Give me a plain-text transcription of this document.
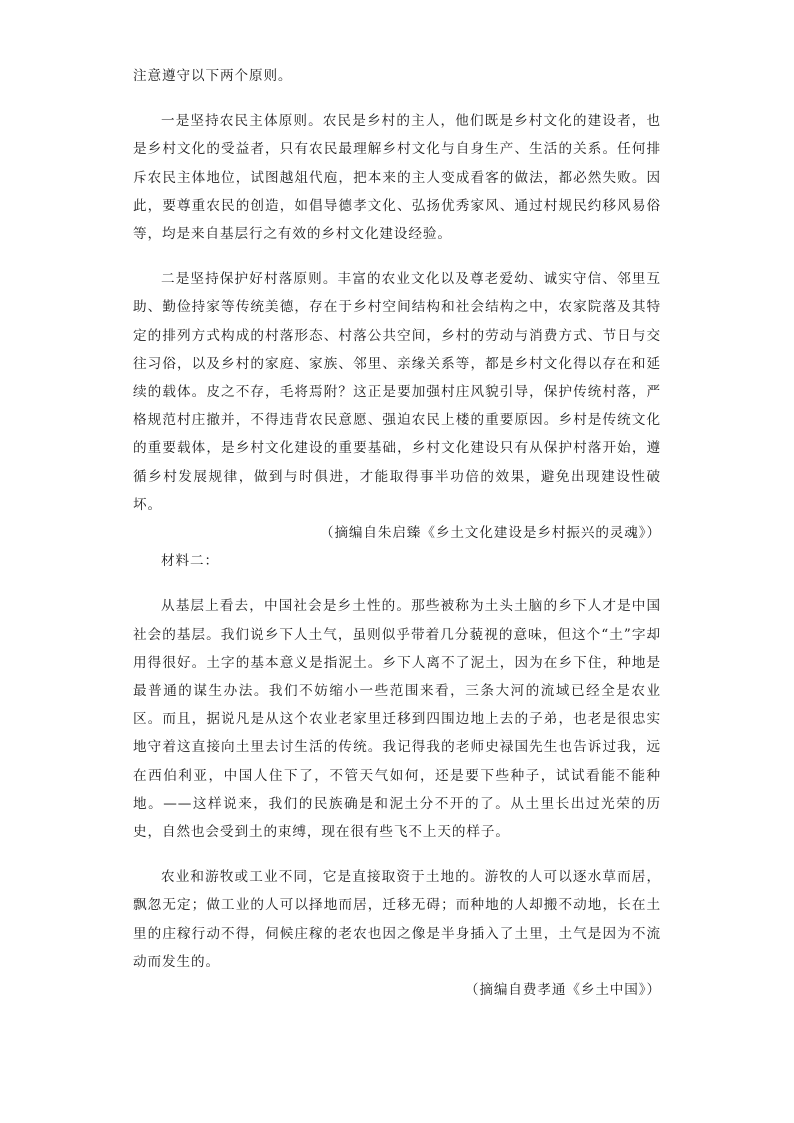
注意遵守以下两个原则。

一是坚持农民主体原则。农民是乡村的主人，他们既是乡村文化的建设者，也是乡村文化的受益者，只有农民最理解乡村文化与自身生产、生活的关系。任何排斥农民主体地位，试图越俎代庖，把本来的主人变成看客的做法，都必然失败。因此，要尊重农民的创造，如倡导德孝文化、弘扬优秀家风、通过村规民约移风易俗等，均是来自基层行之有效的乡村文化建设经验。

二是坚持保护好村落原则。丰富的农业文化以及尊老爱幼、诚实守信、邻里互助、勤俭持家等传统美德，存在于乡村空间结构和社会结构之中，农家院落及其特定的排列方式构成的村落形态、村落公共空间，乡村的劳动与消费方式、节日与交往习俗，以及乡村的家庭、家族、邻里、亲缘关系等，都是乡村文化得以存在和延续的载体。皮之不存，毛将焉附？这正是要加强村庄风貌引导，保护传统村落，严格规范村庄撤并，不得违背农民意愿、强迫农民上楼的重要原因。乡村是传统文化的重要载体，是乡村文化建设的重要基础，乡村文化建设只有从保护村落开始，遵循乡村发展规律，做到与时俱进，才能取得事半功倍的效果，避免出现建设性破坏。

（摘编自朱启臻《乡土文化建设是乡村振兴的灵魂》）

材料二：

从基层上看去，中国社会是乡土性的。那些被称为土头土脑的乡下人才是中国社会的基层。我们说乡下人土气，虽则似乎带着几分藐视的意味，但这个“土”字却用得很好。土字的基本意义是指泥土。乡下人离不了泥土，因为在乡下住，种地是最普通的谋生办法。我们不妨缩小一些范围来看，三条大河的流域已经全是农业区。而且，据说凡是从这个农业老家里迁移到四围边地上去的子弟，也老是很忠实地守着这直接向土里去讨生活的传统。我记得我的老师史禄国先生也告诉过我，远在西伯利亚，中国人住下了，不管天气如何，还是要下些种子，试试看能不能种地。——这样说来，我们的民族确是和泥土分不开的了。从土里长出过光荣的历史，自然也会受到土的束缚，现在很有些飞不上天的样子。

农业和游牧或工业不同，它是直接取资于土地的。游牧的人可以逐水草而居，飘忽无定；做工业的人可以择地而居，迁移无碍；而种地的人却搬不动地，长在土里的庄稼行动不得，伺候庄稼的老农也因之像是半身插入了土里，土气是因为不流动而发生的。

（摘编自费孝通《乡土中国》）
